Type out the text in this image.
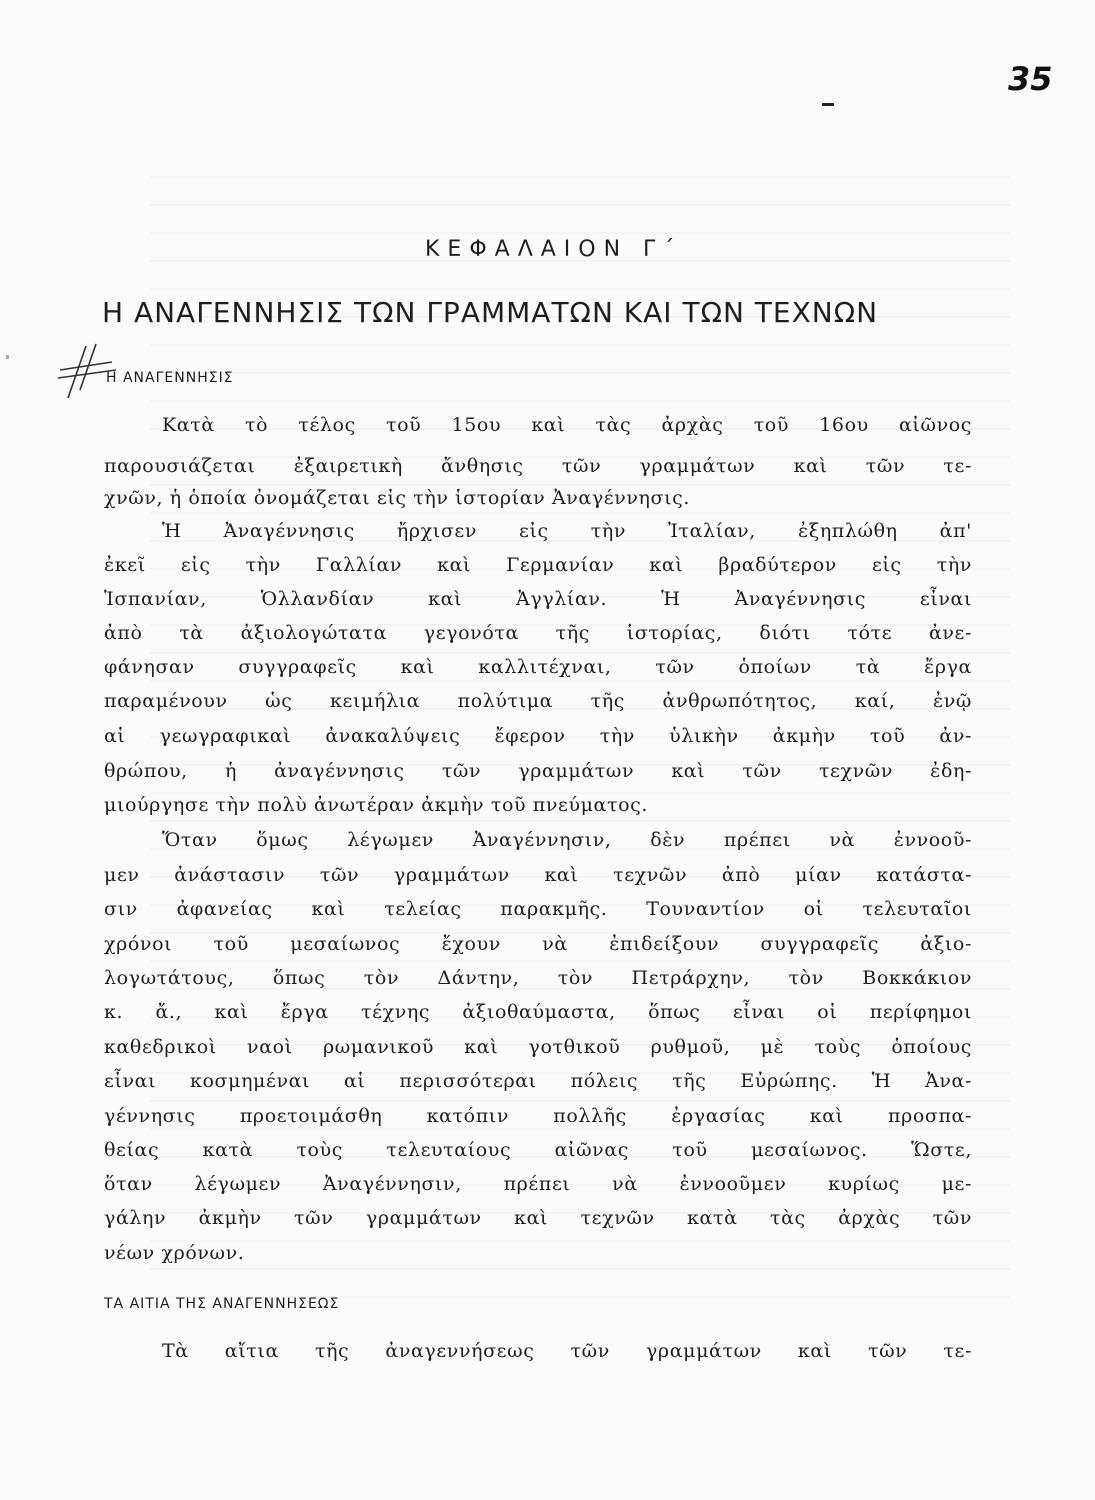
35
ΚΕΦΑΛΑΙΟΝ Γ΄
Η ΑΝΑΓΕΝΝΗΣΙΣ ΤΩΝ ΓΡΑΜΜΑΤΩΝ ΚΑΙ ΤΩΝ ΤΕΧΝΩΝ
Η ΑΝΑΓΕΝΝΗΣΙΣ
Κατὰ τὸ τέλος τοῦ 15ου καὶ τὰς ἀρχὰς τοῦ 16ου αἰῶνος
παρουσιάζεται ἐξαιρετικὴ ἄνθησις τῶν γραμμάτων καὶ τῶν τε-
χνῶν, ἡ ὁποία ὀνομάζεται εἰς τὴν ἱστορίαν Ἀναγέννησις.
Ἡ Ἀναγέννησις ἤρχισεν εἰς τὴν Ἰταλίαν, ἐξηπλώθη ἀπ'
ἐκεῖ εἰς τὴν Γαλλίαν καὶ Γερμανίαν καὶ βραδύτερον εἰς τὴν
Ἱσπανίαν, Ὁλλανδίαν καὶ Ἀγγλίαν. Ἡ Ἀναγέννησις εἶναι
ἀπὸ τὰ ἀξιολογώτατα γεγονότα τῆς ἱστορίας, διότι τότε ἀνε-
φάνησαν συγγραφεῖς καὶ καλλιτέχναι, τῶν ὁποίων τὰ ἔργα
παραμένουν ὡς κειμήλια πολύτιμα τῆς ἀνθρωπότητος, καί, ἐνῷ
αἱ γεωγραφικαὶ ἀνακαλύψεις ἔφερον τὴν ὑλικὴν ἀκμὴν τοῦ ἀν-
θρώπου, ἡ ἀναγέννησις τῶν γραμμάτων καὶ τῶν τεχνῶν ἐδη-
μιούργησε τὴν πολὺ ἀνωτέραν ἀκμὴν τοῦ πνεύματος.
Ὅταν ὅμως λέγωμεν Ἀναγέννησιν, δὲν πρέπει νὰ ἐννοοῦ-
μεν ἀνάστασιν τῶν γραμμάτων καὶ τεχνῶν ἀπὸ μίαν κατάστα-
σιν ἀφανείας καὶ τελείας παρακμῆς. Τουναντίον οἱ τελευταῖοι
χρόνοι τοῦ μεσαίωνος ἔχουν νὰ ἐπιδείξουν συγγραφεῖς ἀξιο-
λογωτάτους, ὅπως τὸν Δάντην, τὸν Πετράρχην, τὸν Βοκκάκιον
κ. ἄ., καὶ ἔργα τέχνης ἀξιοθαύμαστα, ὅπως εἶναι οἱ περίφημοι
καθεδρικοὶ ναοὶ ρωμανικοῦ καὶ γοτθικοῦ ρυθμοῦ, μὲ τοὺς ὁποίους
εἶναι κοσμημέναι αἱ περισσότεραι πόλεις τῆς Εὐρώπης. Ἡ Ἀνα-
γέννησις προετοιμάσθη κατόπιν πολλῆς ἐργασίας καὶ προσπα-
θείας κατὰ τοὺς τελευταίους αἰῶνας τοῦ μεσαίωνος. Ὥστε,
ὅταν λέγωμεν Ἀναγέννησιν, πρέπει νὰ ἐννοοῦμεν κυρίως με-
γάλην ἀκμὴν τῶν γραμμάτων καὶ τεχνῶν κατὰ τὰς ἀρχὰς τῶν
νέων χρόνων.
ΤΑ ΑΙΤΙΑ ΤΗΣ ΑΝΑΓΕΝΝΗΣΕΩΣ
Τὰ αἴτια τῆς ἀναγεννήσεως τῶν γραμμάτων καὶ τῶν τε-
